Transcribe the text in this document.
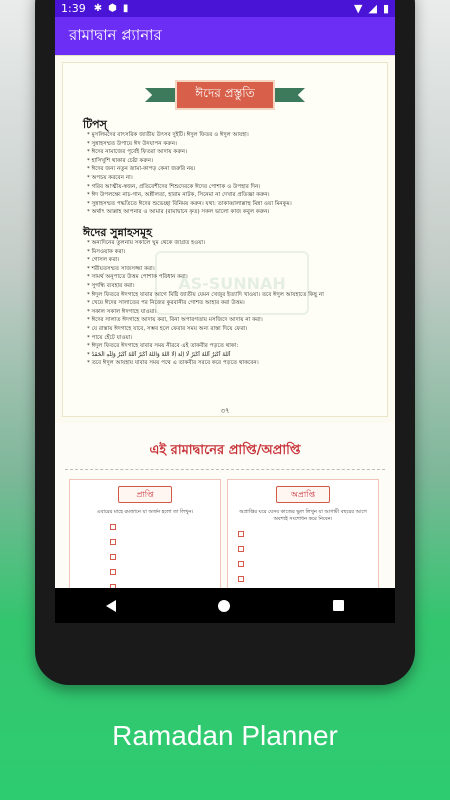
1:39 ✱ ⬢ ▮	▼ ◢ ▮
রামাদ্বান প্ল্যানার
ঈদের প্রস্তুতি
টিপস্
* মুসলিমদের বাৎসরিক জাতীয় উৎসব দুইটি। ঈদুল ফিতর ও ঈদুল আযহা।
* সুন্নাহসম্মত উপায়ে ঈদ উদযাপন করুন।
* ঈদের নামাজের পূর্বেই ফিতরা আদায় করুন।
* হাসিখুশি থাকার চেষ্টা করুন।
* ঈদের জন্য নতুন জামা-কাপড় কেনা জরুরি নয়।
* অপচয় করবেন না।
* গরিব আত্মীয়-স্বজন, প্রতিবেশীদের শিশুদেরকে ঈদের পোশাক ও উপহার দিন।
* ঈদ উপলক্ষ্যে নাচ-গান, অশ্লীলতা, হারাম নাটক, সিনেমা না দেখার প্রতিজ্ঞা করুন।
* সুন্নাহসম্মত পদ্ধতিতে ঈদের শুভেচ্ছা বিনিময় করুন। যথা: তাকাব্বালাল্লাহু মিন্না ওয়া মিনকুম।
* অর্থাৎ আল্লাহ আপনার ও আমার (রামাদ্বানে কৃত) সকল ভালো কাজ কবুল করুন।
AS-SUNNAH
ঈদের সুন্নাহসমূহ
* অন্যদিনের তুলনায় সকালে ঘুম থেকে জাগ্রত হওয়া।
* মিসওয়াক করা।
* গোসল করা।
* শরীয়তসম্মত সাজসজ্জা করা।
* সামর্থ অনুপাতে উত্তম পোশাক পরিধান করা।
* সুগন্ধি ব্যবহার করা।
* ঈদুল ফিতরে ঈদগাহে যাবার আগে মিষ্টি জাতীয় যেমন খেজুর ইত্যাদি খাওয়া। তবে ঈদুল আযহাতে কিছু না
* খেয়ে ঈদের সালাতের পর নিজের কুরবানীর গোশত আহার করা উত্তম।
* সকাল সকাল ঈদগাহে যাওয়া।
* ঈদের সালাত ঈদগাহে আদায় করা, বিনা অপারগতায় মসজিদে আদায় না করা।
* যে রাস্তায় ঈদগাহে যাবে, সম্ভব হলে ফেরার সময় অন্য রাস্তা দিয়ে ফেরা।
* পায়ে হেঁটে যাওয়া।
* ঈদুল ফিতরে ঈদগাহে যাবার সময় নীরবে এই তাকবীর পড়তে থাকা:
* اَللهُ اَكْبَرُ اَللهُ اَكْبَرُ لَا اِلٰهَ اِلَّا اللهُ وَاللهُ اَكْبَرُ اَللهُ اَكْبَرُ وَلِلّٰهِ الْحَمْدُ
* তবে ঈদুল আযহায় যাবার সময় পথে এ তাকবীর সরবে করে পড়তে থাকবেন।
৩৭
এই রামাদ্বানের প্রাপ্তি/অপ্রাপ্তি
প্রাপ্তি
এবারের মাহে রমজানে যা অর্জন হলো তা লিখুন।
অপ্রাপ্তি
অপ্রাপ্তির ঘরে যেসব কাজের ভুল লিখুন যা আগামী বছরের আগে অবশ্যই সংশোধন করে নিবেন।
Ramadan Planner
